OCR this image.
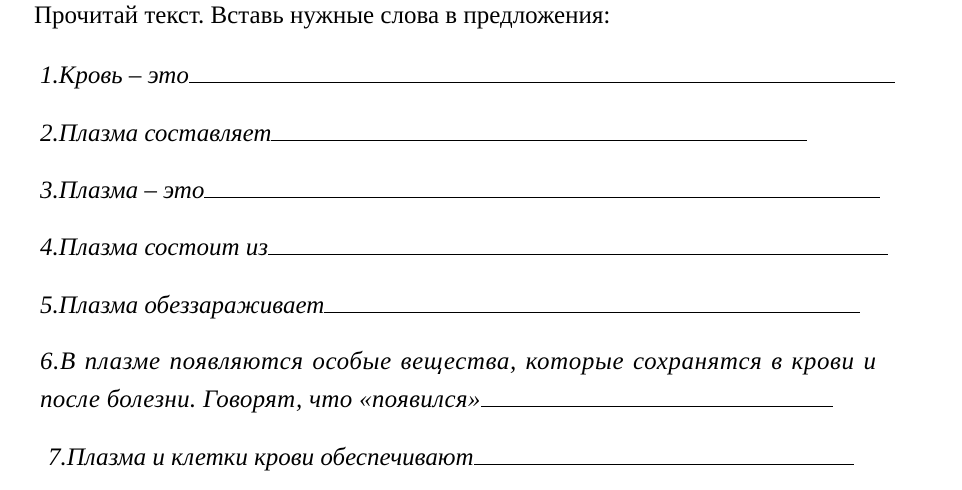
Прочитай текст. Вставь нужные слова в предложения:
1.Кровь – это
2.Плазма составляет
3.Плазма – это
4.Плазма состоит из
5.Плазма обеззараживает
6.В плазме появляются особые вещества, которые сохранятся в крови и
после болезни. Говорят, что «появился»
7.Плазма и клетки крови обеспечивают
